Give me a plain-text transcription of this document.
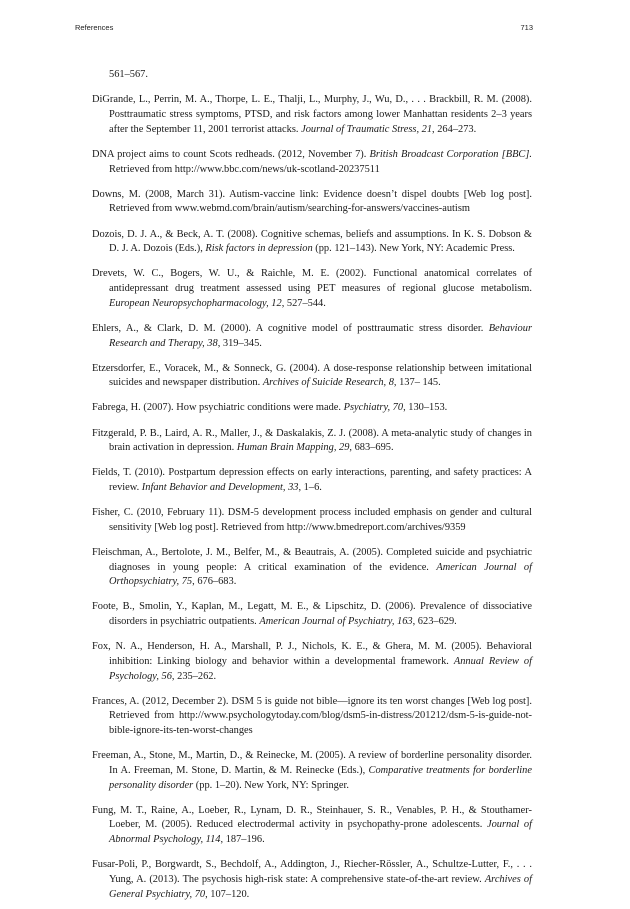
References	713

561–567.

DiGrande, L., Perrin, M. A., Thorpe, L. E., Thalji, L., Murphy, J., Wu, D., . . . Brackbill, R. M. (2008). Posttraumatic stress symptoms, PTSD, and risk factors among lower Manhattan residents 2–3 years after the September 11, 2001 terrorist attacks. Journal of Traumatic Stress, 21, 264–273.

DNA project aims to count Scots redheads. (2012, November 7). British Broadcast Corporation [BBC]. Retrieved from http://www.bbc.com/news/uk-scotland-20237511

Downs, M. (2008, March 31). Autism-vaccine link: Evidence doesn’t dispel doubts [Web log post]. Retrieved from www.webmd.com/brain/autism/searching-for-answers/vaccines-autism

Dozois, D. J. A., & Beck, A. T. (2008). Cognitive schemas, beliefs and assumptions. In K. S. Dobson & D. J. A. Dozois (Eds.), Risk factors in depression (pp. 121–143). New York, NY: Academic Press.

Drevets, W. C., Bogers, W. U., & Raichle, M. E. (2002). Functional anatomical correlates of antidepressant drug treatment assessed using PET measures of regional glucose metabolism. European Neuropsychopharmacology, 12, 527–544.

Ehlers, A., & Clark, D. M. (2000). A cognitive model of posttraumatic stress disorder. Behaviour Research and Therapy, 38, 319–345.

Etzersdorfer, E., Voracek, M., & Sonneck, G. (2004). A dose-response relationship between imitational suicides and newspaper distribution. Archives of Suicide Research, 8, 137– 145.

Fabrega, H. (2007). How psychiatric conditions were made. Psychiatry, 70, 130–153.

Fitzgerald, P. B., Laird, A. R., Maller, J., & Daskalakis, Z. J. (2008). A meta-analytic study of changes in brain activation in depression. Human Brain Mapping, 29, 683–695.

Fields, T. (2010). Postpartum depression effects on early interactions, parenting, and safety practices: A review. Infant Behavior and Development, 33, 1–6.

Fisher, C. (2010, February 11). DSM-5 development process included emphasis on gender and cultural sensitivity [Web log post]. Retrieved from http://www.bmedreport.com/archives/9359

Fleischman, A., Bertolote, J. M., Belfer, M., & Beautrais, A. (2005). Completed suicide and psychiatric diagnoses in young people: A critical examination of the evidence. American Journal of Orthopsychiatry, 75, 676–683.

Foote, B., Smolin, Y., Kaplan, M., Legatt, M. E., & Lipschitz, D. (2006). Prevalence of dissociative disorders in psychiatric outpatients. American Journal of Psychiatry, 163, 623–629.

Fox, N. A., Henderson, H. A., Marshall, P. J., Nichols, K. E., & Ghera, M. M. (2005). Behavioral inhibition: Linking biology and behavior within a developmental framework. Annual Review of Psychology, 56, 235–262.

Frances, A. (2012, December 2). DSM 5 is guide not bible—ignore its ten worst changes [Web log post]. Retrieved from http://www.psychologytoday.com/blog/dsm5-in-distress/201212/dsm-5-is-guide-not-bible-ignore-its-ten-worst-changes

Freeman, A., Stone, M., Martin, D., & Reinecke, M. (2005). A review of borderline personality disorder. In A. Freeman, M. Stone, D. Martin, & M. Reinecke (Eds.), Comparative treatments for borderline personality disorder (pp. 1–20). New York, NY: Springer.

Fung, M. T., Raine, A., Loeber, R., Lynam, D. R., Steinhauer, S. R., Venables, P. H., & Stouthamer-Loeber, M. (2005). Reduced electrodermal activity in psychopathy-prone adolescents. Journal of Abnormal Psychology, 114, 187–196.

Fusar-Poli, P., Borgwardt, S., Bechdolf, A., Addington, J., Riecher-Rössler, A., Schultze-Lutter, F., . . . Yung, A. (2013). The psychosis high-risk state: A comprehensive state-of-the-art review. Archives of General Psychiatry, 70, 107–120.
